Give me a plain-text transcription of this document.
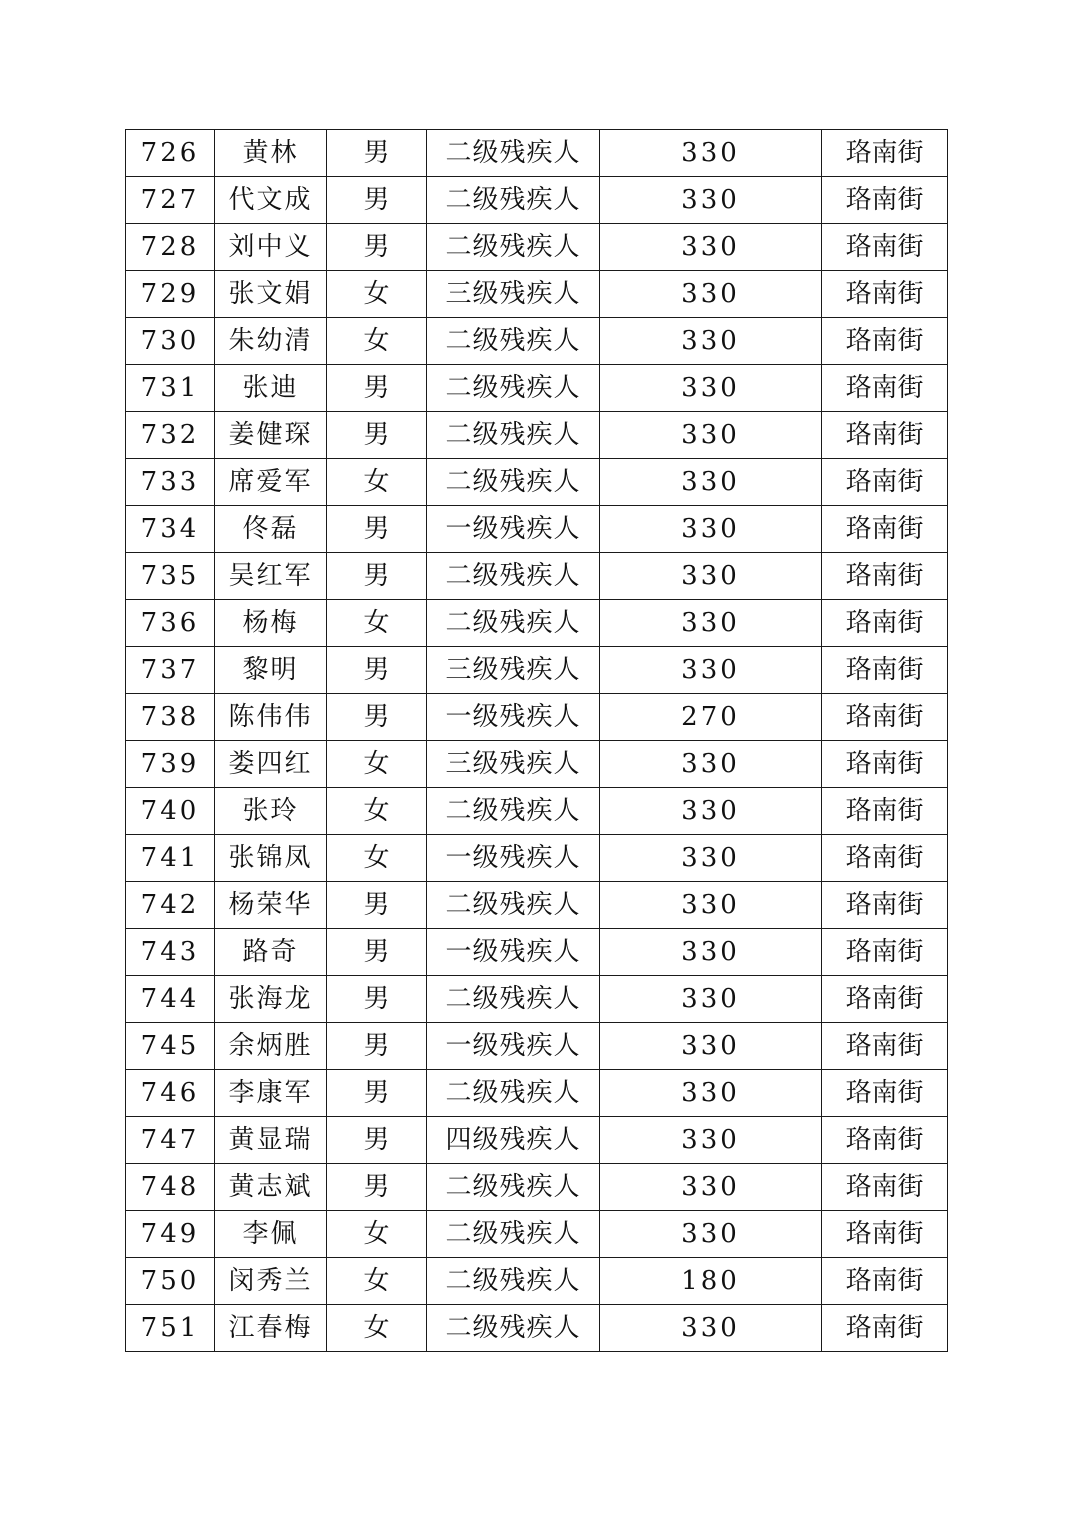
726	黄林	男	二级残疾人	330	珞南街
727	代文成	男	二级残疾人	330	珞南街
728	刘中义	男	二级残疾人	330	珞南街
729	张文娟	女	三级残疾人	330	珞南街
730	朱幼清	女	二级残疾人	330	珞南街
731	张迪	男	二级残疾人	330	珞南街
732	姜健琛	男	二级残疾人	330	珞南街
733	席爱军	女	二级残疾人	330	珞南街
734	佟磊	男	一级残疾人	330	珞南街
735	吴红军	男	二级残疾人	330	珞南街
736	杨梅	女	二级残疾人	330	珞南街
737	黎明	男	三级残疾人	330	珞南街
738	陈伟伟	男	一级残疾人	270	珞南街
739	娄四红	女	三级残疾人	330	珞南街
740	张玲	女	二级残疾人	330	珞南街
741	张锦凤	女	一级残疾人	330	珞南街
742	杨荣华	男	二级残疾人	330	珞南街
743	路奇	男	一级残疾人	330	珞南街
744	张海龙	男	二级残疾人	330	珞南街
745	余炳胜	男	一级残疾人	330	珞南街
746	李康军	男	二级残疾人	330	珞南街
747	黄显瑞	男	四级残疾人	330	珞南街
748	黄志斌	男	二级残疾人	330	珞南街
749	李佩	女	二级残疾人	330	珞南街
750	闵秀兰	女	二级残疾人	180	珞南街
751	江春梅	女	二级残疾人	330	珞南街
